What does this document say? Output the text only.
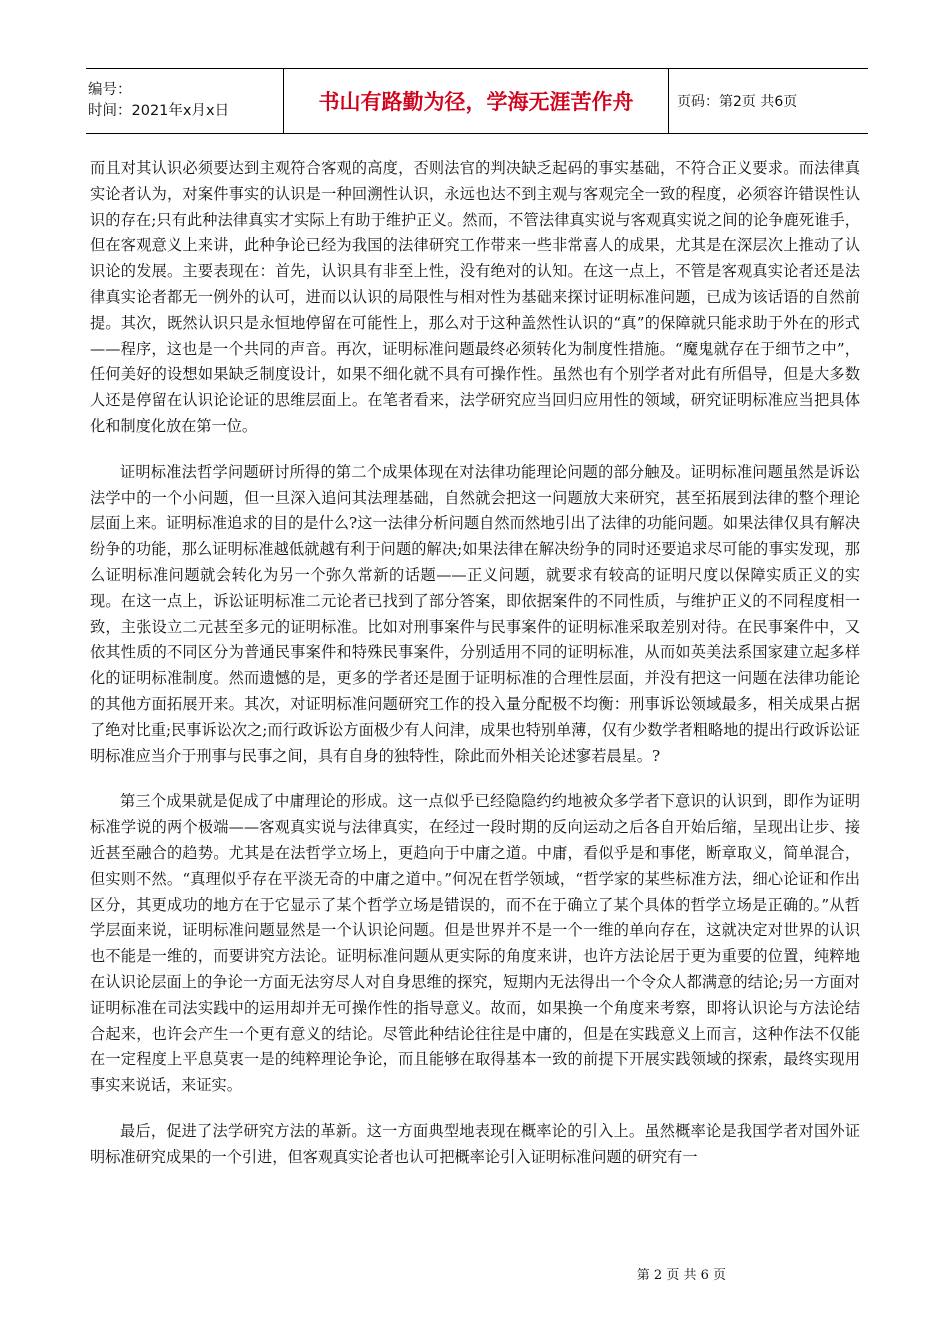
编号：
时间：2021年x月x日	书山有路勤为径，学海无涯苦作舟	页码：第2页 共6页

而且对其认识必须要达到主观符合客观的高度，否则法官的判决缺乏起码的事实基础，不符合正义要求。而法律真实论者认为，对案件事实的认识是一种回溯性认识，永远也达不到主观与客观完全一致的程度，必须容许错误性认识的存在;只有此种法律真实才实际上有助于维护正义。然而，不管法律真实说与客观真实说之间的论争鹿死谁手，但在客观意义上来讲，此种争论已经为我国的法律研究工作带来一些非常喜人的成果，尤其是在深层次上推动了认识论的发展。主要表现在：首先，认识具有非至上性，没有绝对的认知。在这一点上，不管是客观真实论者还是法律真实论者都无一例外的认可，进而以认识的局限性与相对性为基础来探讨证明标准问题，已成为该话语的自然前提。其次，既然认识只是永恒地停留在可能性上，那么对于这种盖然性认识的“真”的保障就只能求助于外在的形式——程序，这也是一个共同的声音。再次，证明标准问题最终必须转化为制度性措施。“魔鬼就存在于细节之中”，任何美好的设想如果缺乏制度设计，如果不细化就不具有可操作性。虽然也有个别学者对此有所倡导，但是大多数人还是停留在认识论论证的思维层面上。在笔者看来，法学研究应当回归应用性的领域，研究证明标准应当把具体化和制度化放在第一位。

证明标准法哲学问题研讨所得的第二个成果体现在对法律功能理论问题的部分触及。证明标准问题虽然是诉讼法学中的一个小问题，但一旦深入追问其法理基础，自然就会把这一问题放大来研究，甚至拓展到法律的整个理论层面上来。证明标准追求的目的是什么?这一法律分析问题自然而然地引出了法律的功能问题。如果法律仅具有解决纷争的功能，那么证明标准越低就越有利于问题的解决;如果法律在解决纷争的同时还要追求尽可能的事实发现，那么证明标准问题就会转化为另一个弥久常新的话题——正义问题，就要求有较高的证明尺度以保障实质正义的实现。在这一点上，诉讼证明标准二元论者已找到了部分答案，即依据案件的不同性质，与维护正义的不同程度相一致，主张设立二元甚至多元的证明标准。比如对刑事案件与民事案件的证明标准采取差别对待。在民事案件中，又依其性质的不同区分为普通民事案件和特殊民事案件，分别适用不同的证明标准，从而如英美法系国家建立起多样化的证明标准制度。然而遗憾的是，更多的学者还是囿于证明标准的合理性层面，并没有把这一问题在法律功能论的其他方面拓展开来。其次，对证明标准问题研究工作的投入量分配极不均衡：刑事诉讼领域最多，相关成果占据了绝对比重;民事诉讼次之;而行政诉讼方面极少有人问津，成果也特别单薄，仅有少数学者粗略地的提出行政诉讼证明标准应当介于刑事与民事之间，具有自身的独特性，除此而外相关论述寥若晨星。?

第三个成果就是促成了中庸理论的形成。这一点似乎已经隐隐约约地被众多学者下意识的认识到，即作为证明标准学说的两个极端——客观真实说与法律真实，在经过一段时期的反向运动之后各自开始后缩，呈现出让步、接近甚至融合的趋势。尤其是在法哲学立场上，更趋向于中庸之道。中庸，看似乎是和事佬，断章取义，简单混合，但实则不然。“真理似乎存在平淡无奇的中庸之道中。”何况在哲学领域，“哲学家的某些标准方法，细心论证和作出区分，其更成功的地方在于它显示了某个哲学立场是错误的，而不在于确立了某个具体的哲学立场是正确的。”从哲学层面来说，证明标准问题显然是一个认识论问题。但是世界并不是一个一维的单向存在，这就决定对世界的认识也不能是一维的，而要讲究方法论。证明标准问题从更实际的角度来讲，也许方法论居于更为重要的位置，纯粹地在认识论层面上的争论一方面无法穷尽人对自身思维的探究，短期内无法得出一个令众人都满意的结论;另一方面对证明标准在司法实践中的运用却并无可操作性的指导意义。故而，如果换一个角度来考察，即将认识论与方法论结合起来，也许会产生一个更有意义的结论。尽管此种结论往往是中庸的，但是在实践意义上而言，这种作法不仅能在一定程度上平息莫衷一是的纯粹理论争论，而且能够在取得基本一致的前提下开展实践领域的探索，最终实现用事实来说话，来证实。

最后，促进了法学研究方法的革新。这一方面典型地表现在概率论的引入上。虽然概率论是我国学者对国外证明标准研究成果的一个引进，但客观真实论者也认可把概率论引入证明标准问题的研究有一

第 2 页 共 6 页
